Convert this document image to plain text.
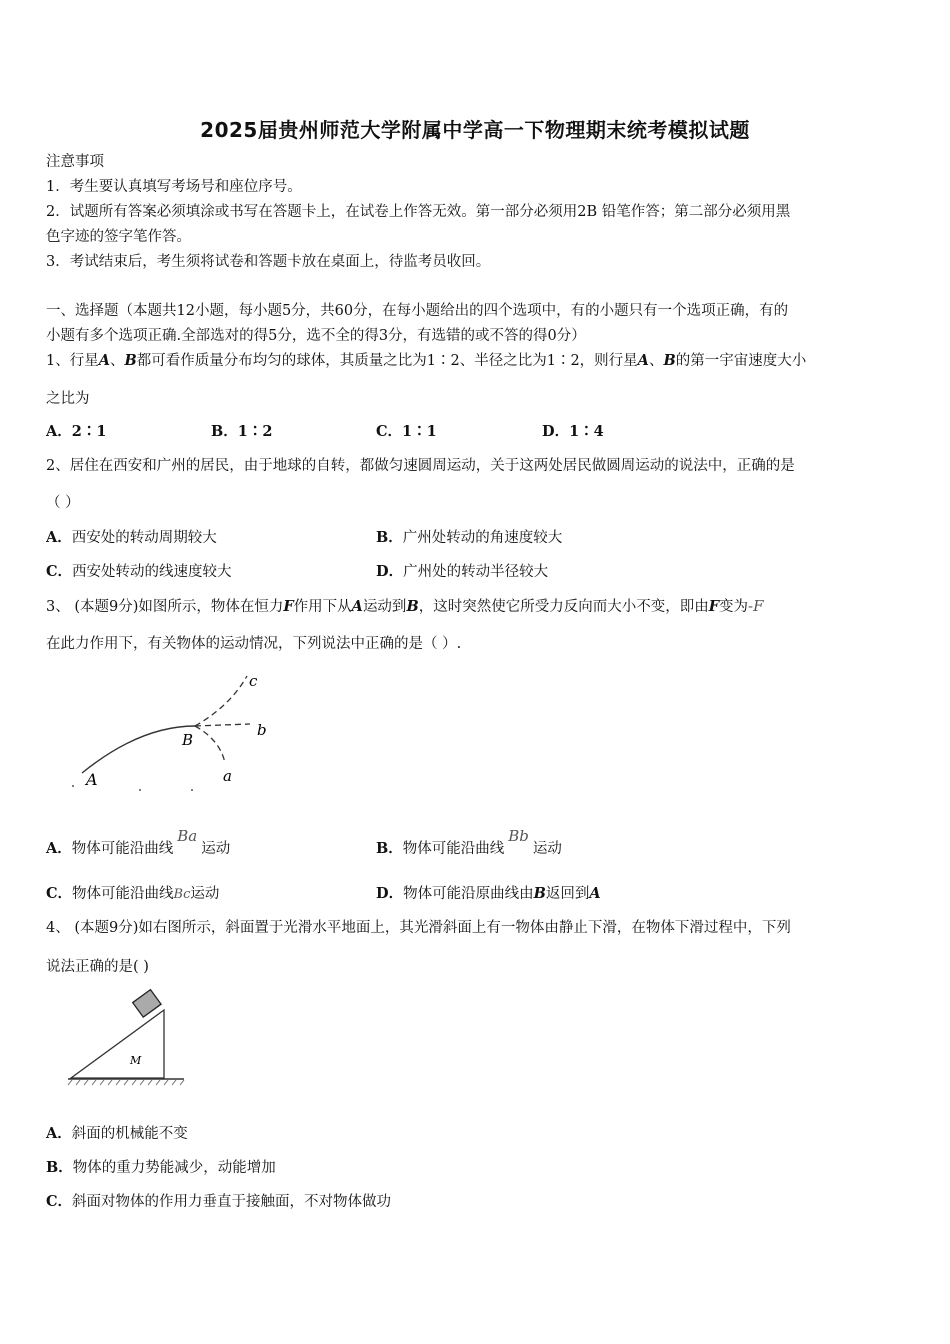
2025届贵州师范大学附属中学高一下物理期末统考模拟试题
注意事项
1．考生要认真填写考场号和座位序号。
2．试题所有答案必须填涂或书写在答题卡上，在试卷上作答无效。第一部分必须用2B 铅笔作答；第二部分必须用黑
色字迹的签字笔作答。
3．考试结束后，考生须将试卷和答题卡放在桌面上，待监考员收回。
一、选择题（本题共12小题，每小题5分，共60分，在每小题给出的四个选项中，有的小题只有一个选项正确，有的
小题有多个选项正确.全部选对的得5分，选不全的得3分，有选错的或不答的得0分）
1、行星A、B都可看作质量分布均匀的球体，其质量之比为1∶2、半径之比为1∶2，则行星A、B的第一宇宙速度大小
之比为
A．2∶1	B．1∶2	C．1∶1	D．1∶4
2、居住在西安和广州的居民，由于地球的自转，都做匀速圆周运动，关于这两处居民做圆周运动的说法中，正确的是
（ ）
A．西安处的转动周期较大	B．广州处转动的角速度较大
C．西安处转动的线速度较大	D．广州处的转动半径较大
3、 (本题9分)如图所示，物体在恒力F作用下从A运动到B，这时突然使它所受力反向而大小不变，即由F变为-F
在此力作用下，有关物体的运动情况，下列说法中正确的是（ ）.
A
B
a
b
c
A．物体可能沿曲线Ba运动	B．物体可能沿曲线Bb运动
C．物体可能沿曲线Bc运动	D．物体可能沿原曲线由B返回到A
4、 (本题9分)如右图所示，斜面置于光滑水平地面上，其光滑斜面上有一物体由静止下滑，在物体下滑过程中，下列
说法正确的是( )
M
A．斜面的机械能不变
B．物体的重力势能减少，动能增加
C．斜面对物体的作用力垂直于接触面，不对物体做功
